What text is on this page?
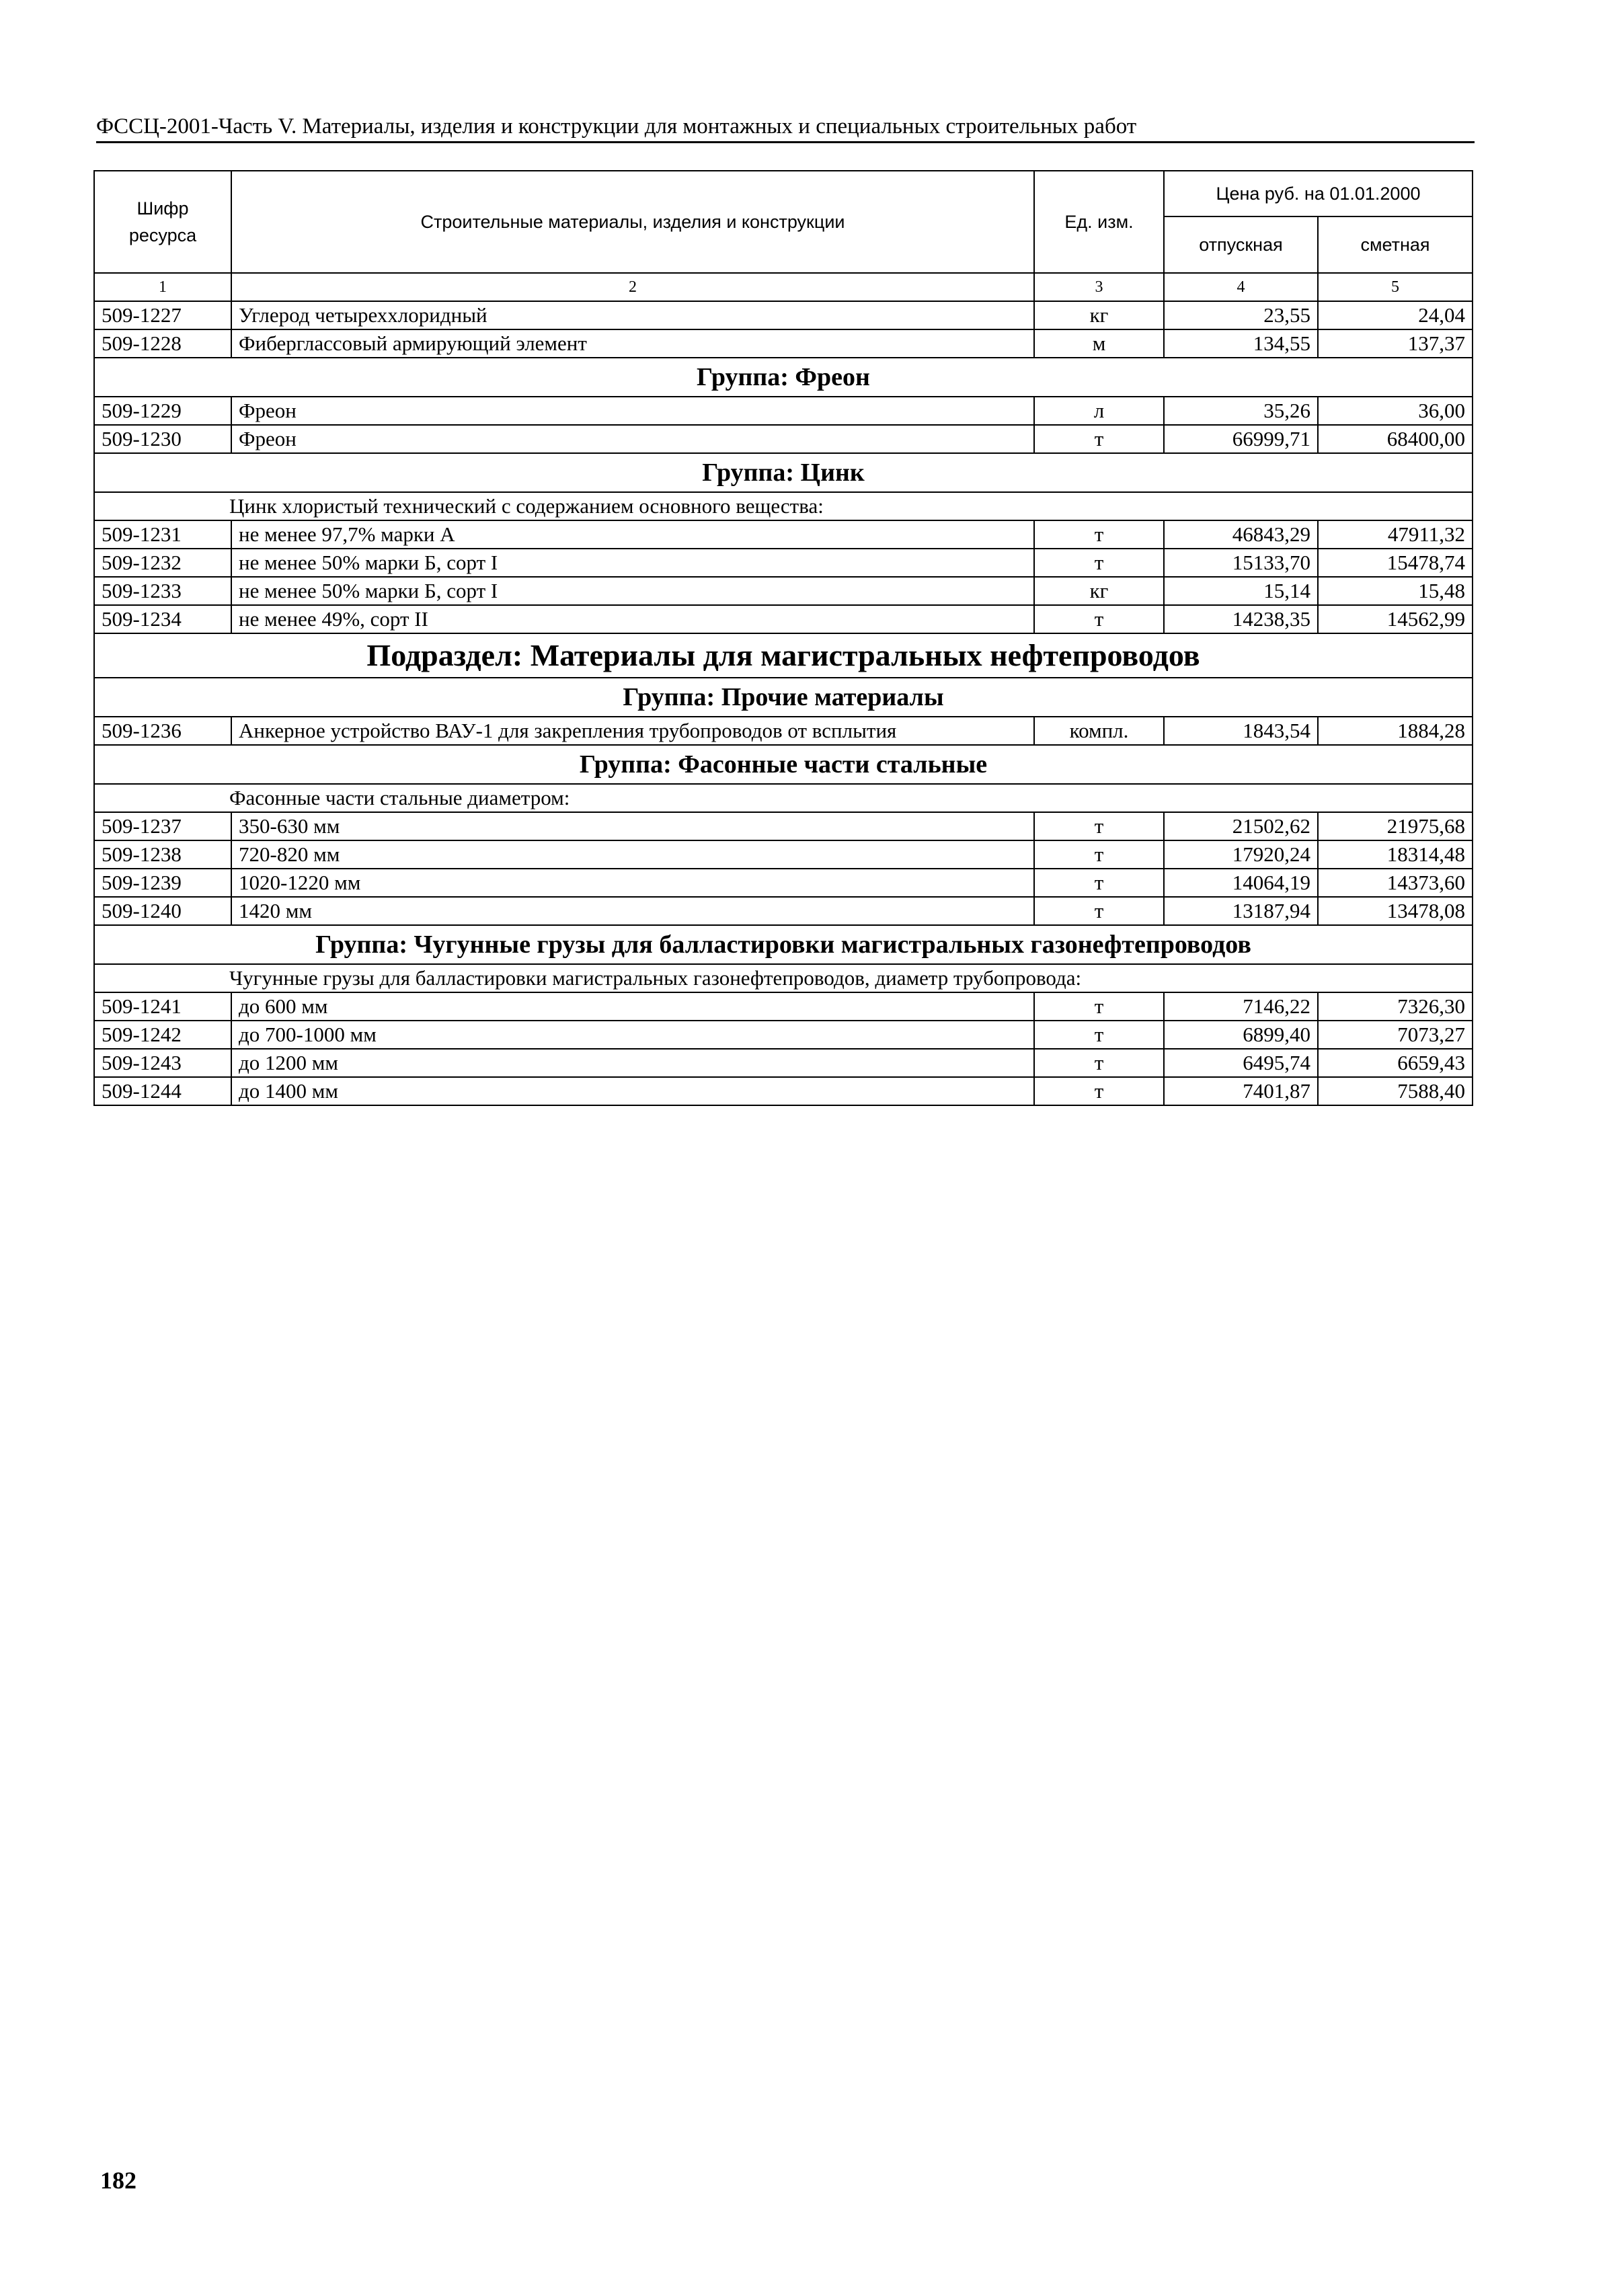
ФССЦ-2001-Часть V. Материалы, изделия и конструкции для монтажных и специальных строительных работ
Шифр ресурса	Строительные материалы, изделия и конструкции	Ед. изм.	Цена руб. на 01.01.2000	
			отпускная	сметная
1	2	3	4	5
509-1227	Углерод четыреххлоридный	кг	23,55	24,04
509-1228	Фибергласcовый армирующий элемент	м	134,55	137,37
Группа: Фреон				
509-1229	Фреон	л	35,26	36,00
509-1230	Фреон	т	66999,71	68400,00
Группа: Цинк				
Цинк хлористый технический с содержанием основного вещества:				
509-1231	не менее 97,7% марки А	т	46843,29	47911,32
509-1232	не менее 50% марки Б, сорт I	т	15133,70	15478,74
509-1233	не менее 50% марки Б, сорт I	кг	15,14	15,48
509-1234	не менее 49%, сорт II	т	14238,35	14562,99
Подраздел: Материалы для магистральных нефтепроводов				
Группа: Прочие материалы				
509-1236	Анкерное устройство ВАУ-1 для закрепления трубопроводов от всплытия	компл.	1843,54	1884,28
Группа: Фасонные части стальные				
Фасонные части стальные диаметром:				
509-1237	350-630 мм	т	21502,62	21975,68
509-1238	720-820 мм	т	17920,24	18314,48
509-1239	1020-1220 мм	т	14064,19	14373,60
509-1240	1420 мм	т	13187,94	13478,08
Группа: Чугунные грузы для балластировки магистральных газонефтепроводов				
Чугунные грузы для балластировки магистральных газонефтепроводов, диаметр трубопровода:				
509-1241	до 600 мм	т	7146,22	7326,30
509-1242	до 700-1000 мм	т	6899,40	7073,27
509-1243	до 1200 мм	т	6495,74	6659,43
509-1244	до 1400 мм	т	7401,87	7588,40
182
